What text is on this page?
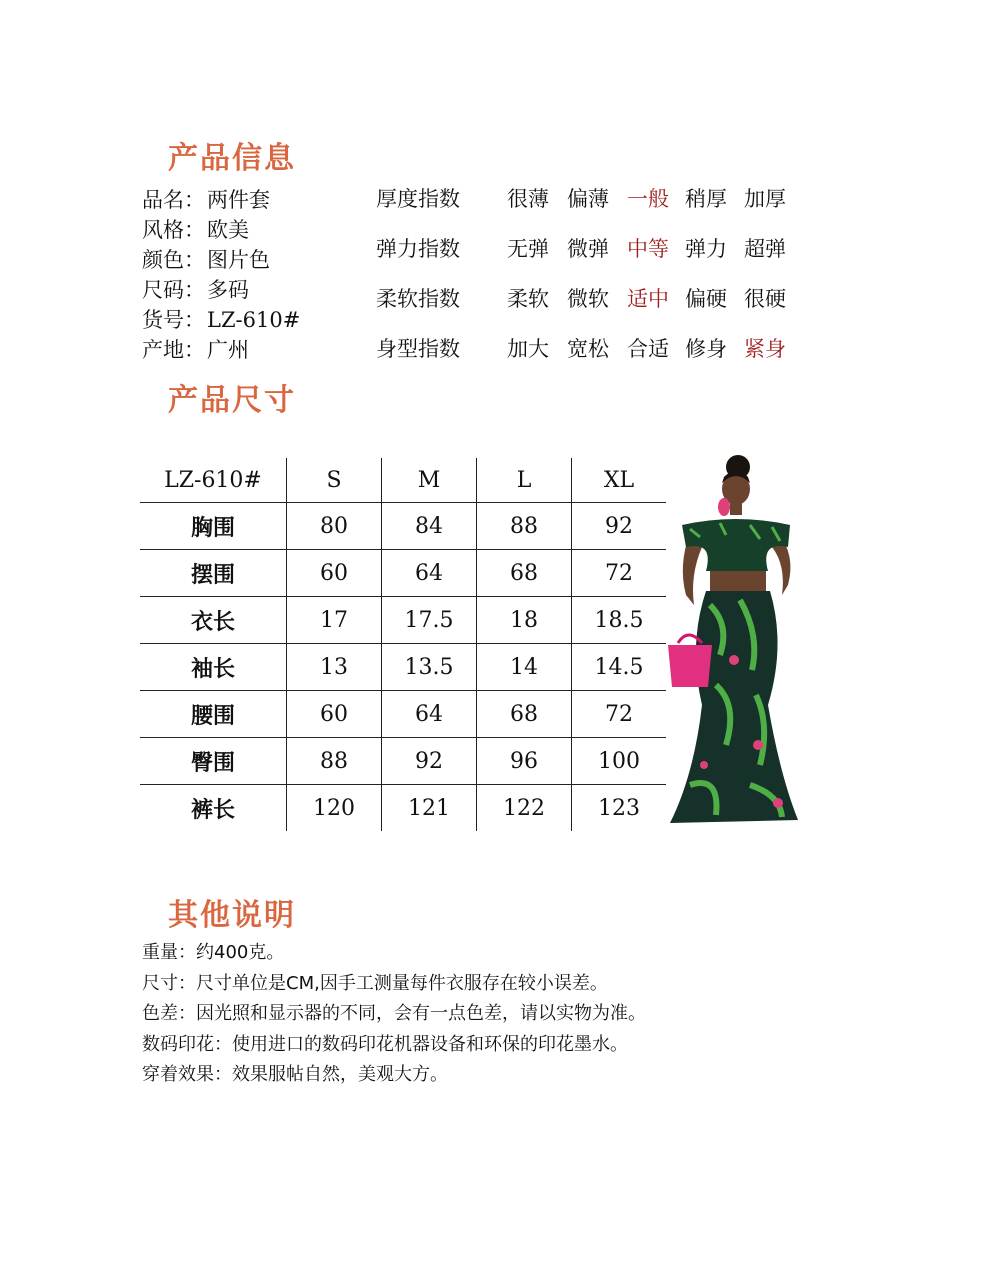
产品信息
品名 ： 两件套
风格 ： 欧美
颜色 ： 图片色
尺码 ： 多码
货号 ： LZ-610#
产地 ： 广州
厚度指数 很薄 偏薄 一般 稍厚 加厚
弹力指数 无弹 微弹 中等 弹力 超弹
柔软指数 柔软 微软 适中 偏硬 很硬
身型指数 加大 宽松 合适 修身 紧身
产品尺寸
LZ-610#	S	M	L	XL
胸围	80	84	88	92
摆围	60	64	68	72
衣长	17	17.5	18	18.5
袖长	13	13.5	14	14.5
腰围	60	64	68	72
臀围	88	92	96	100
裤长	120	121	122	123
其他说明
重量：约400克。
尺寸：尺寸单位是CM,因手工测量每件衣服存在较小误差。
色差：因光照和显示器的不同，会有一点色差，请以实物为准。
数码印花：使用进口的数码印花机器设备和环保的印花墨水。
穿着效果：效果服帖自然，美观大方。
